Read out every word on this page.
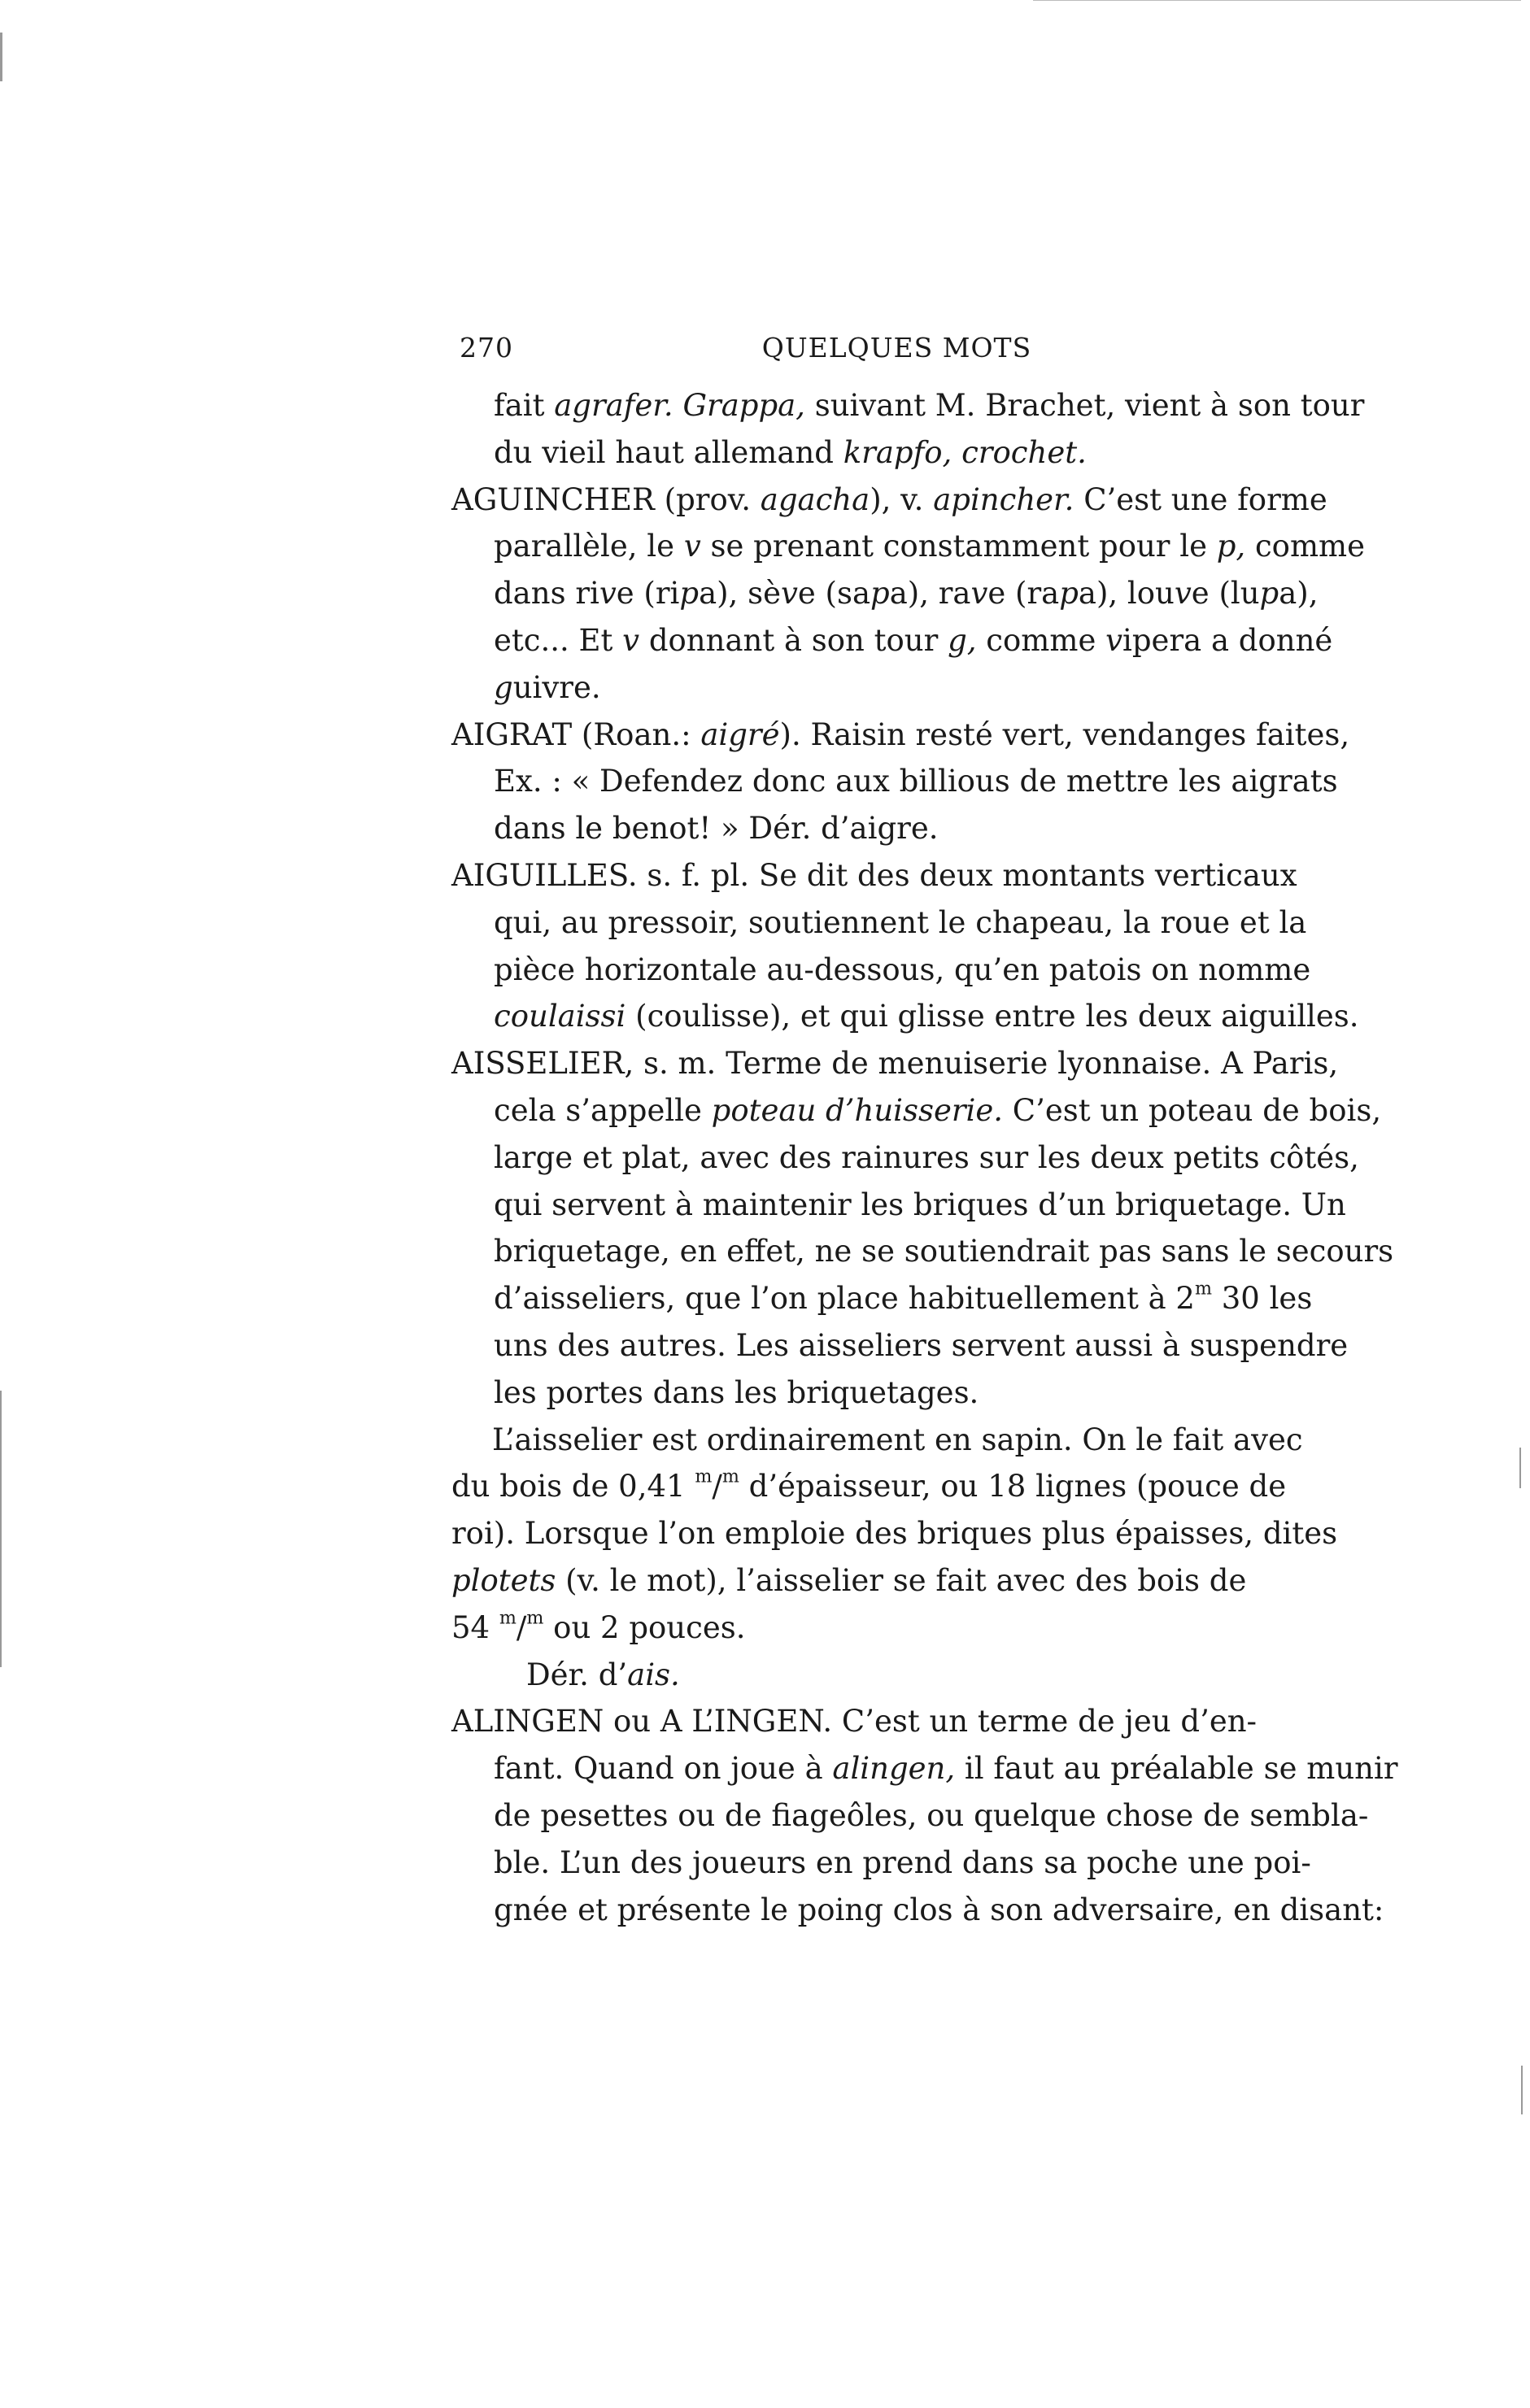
270	QUELQUES MOTS
fait agrafer. Grappa, suivant M. Brachet, vient à son tour
du vieil haut allemand krapfo, crochet.
AGUINCHER (prov. agacha), v. apincher. C’est une forme
parallèle, le v se prenant constamment pour le p, comme
dans rive (ripa), sève (sapa), rave (rapa), louve (lupa),
etc... Et v donnant à son tour g, comme vipera a donné
guivre.
AIGRAT (Roan.: aigré). Raisin resté vert, vendanges faites,
Ex. : « Defendez donc aux billious de mettre les aigrats
dans le benot! » Dér. d’aigre.
AIGUILLES. s. f. pl. Se dit des deux montants verticaux
qui, au pressoir, soutiennent le chapeau, la roue et la
pièce horizontale au-dessous, qu’en patois on nomme
coulaissi (coulisse), et qui glisse entre les deux aiguilles.
AISSELIER, s. m. Terme de menuiserie lyonnaise. A Paris,
cela s’appelle poteau d’huisserie. C’est un poteau de bois,
large et plat, avec des rainures sur les deux petits côtés,
qui servent à maintenir les briques d’un briquetage. Un
briquetage, en effet, ne se soutiendrait pas sans le secours
d’aisseliers, que l’on place habituellement à 2$^m$ 30 les
uns des autres. Les aisseliers servent aussi à suspendre
les portes dans les briquetages.
L’aisselier est ordinairement en sapin. On le fait avec
du bois de 0,41 $^m$/$^m$ d’épaisseur, ou 18 lignes (pouce de
roi). Lorsque l’on emploie des briques plus épaisses, dites
plotets (v. le mot), l’aisselier se fait avec des bois de
54 $^m$/$^m$ ou 2 pouces.
Dér. d’ais.
ALINGEN ou A L’INGEN. C’est un terme de jeu d’en-
fant. Quand on joue à alingen, il faut au préalable se munir
de pesettes ou de fiageôles, ou quelque chose de sembla-
ble. L’un des joueurs en prend dans sa poche une poi-
gnée et présente le poing clos à son adversaire, en disant:
